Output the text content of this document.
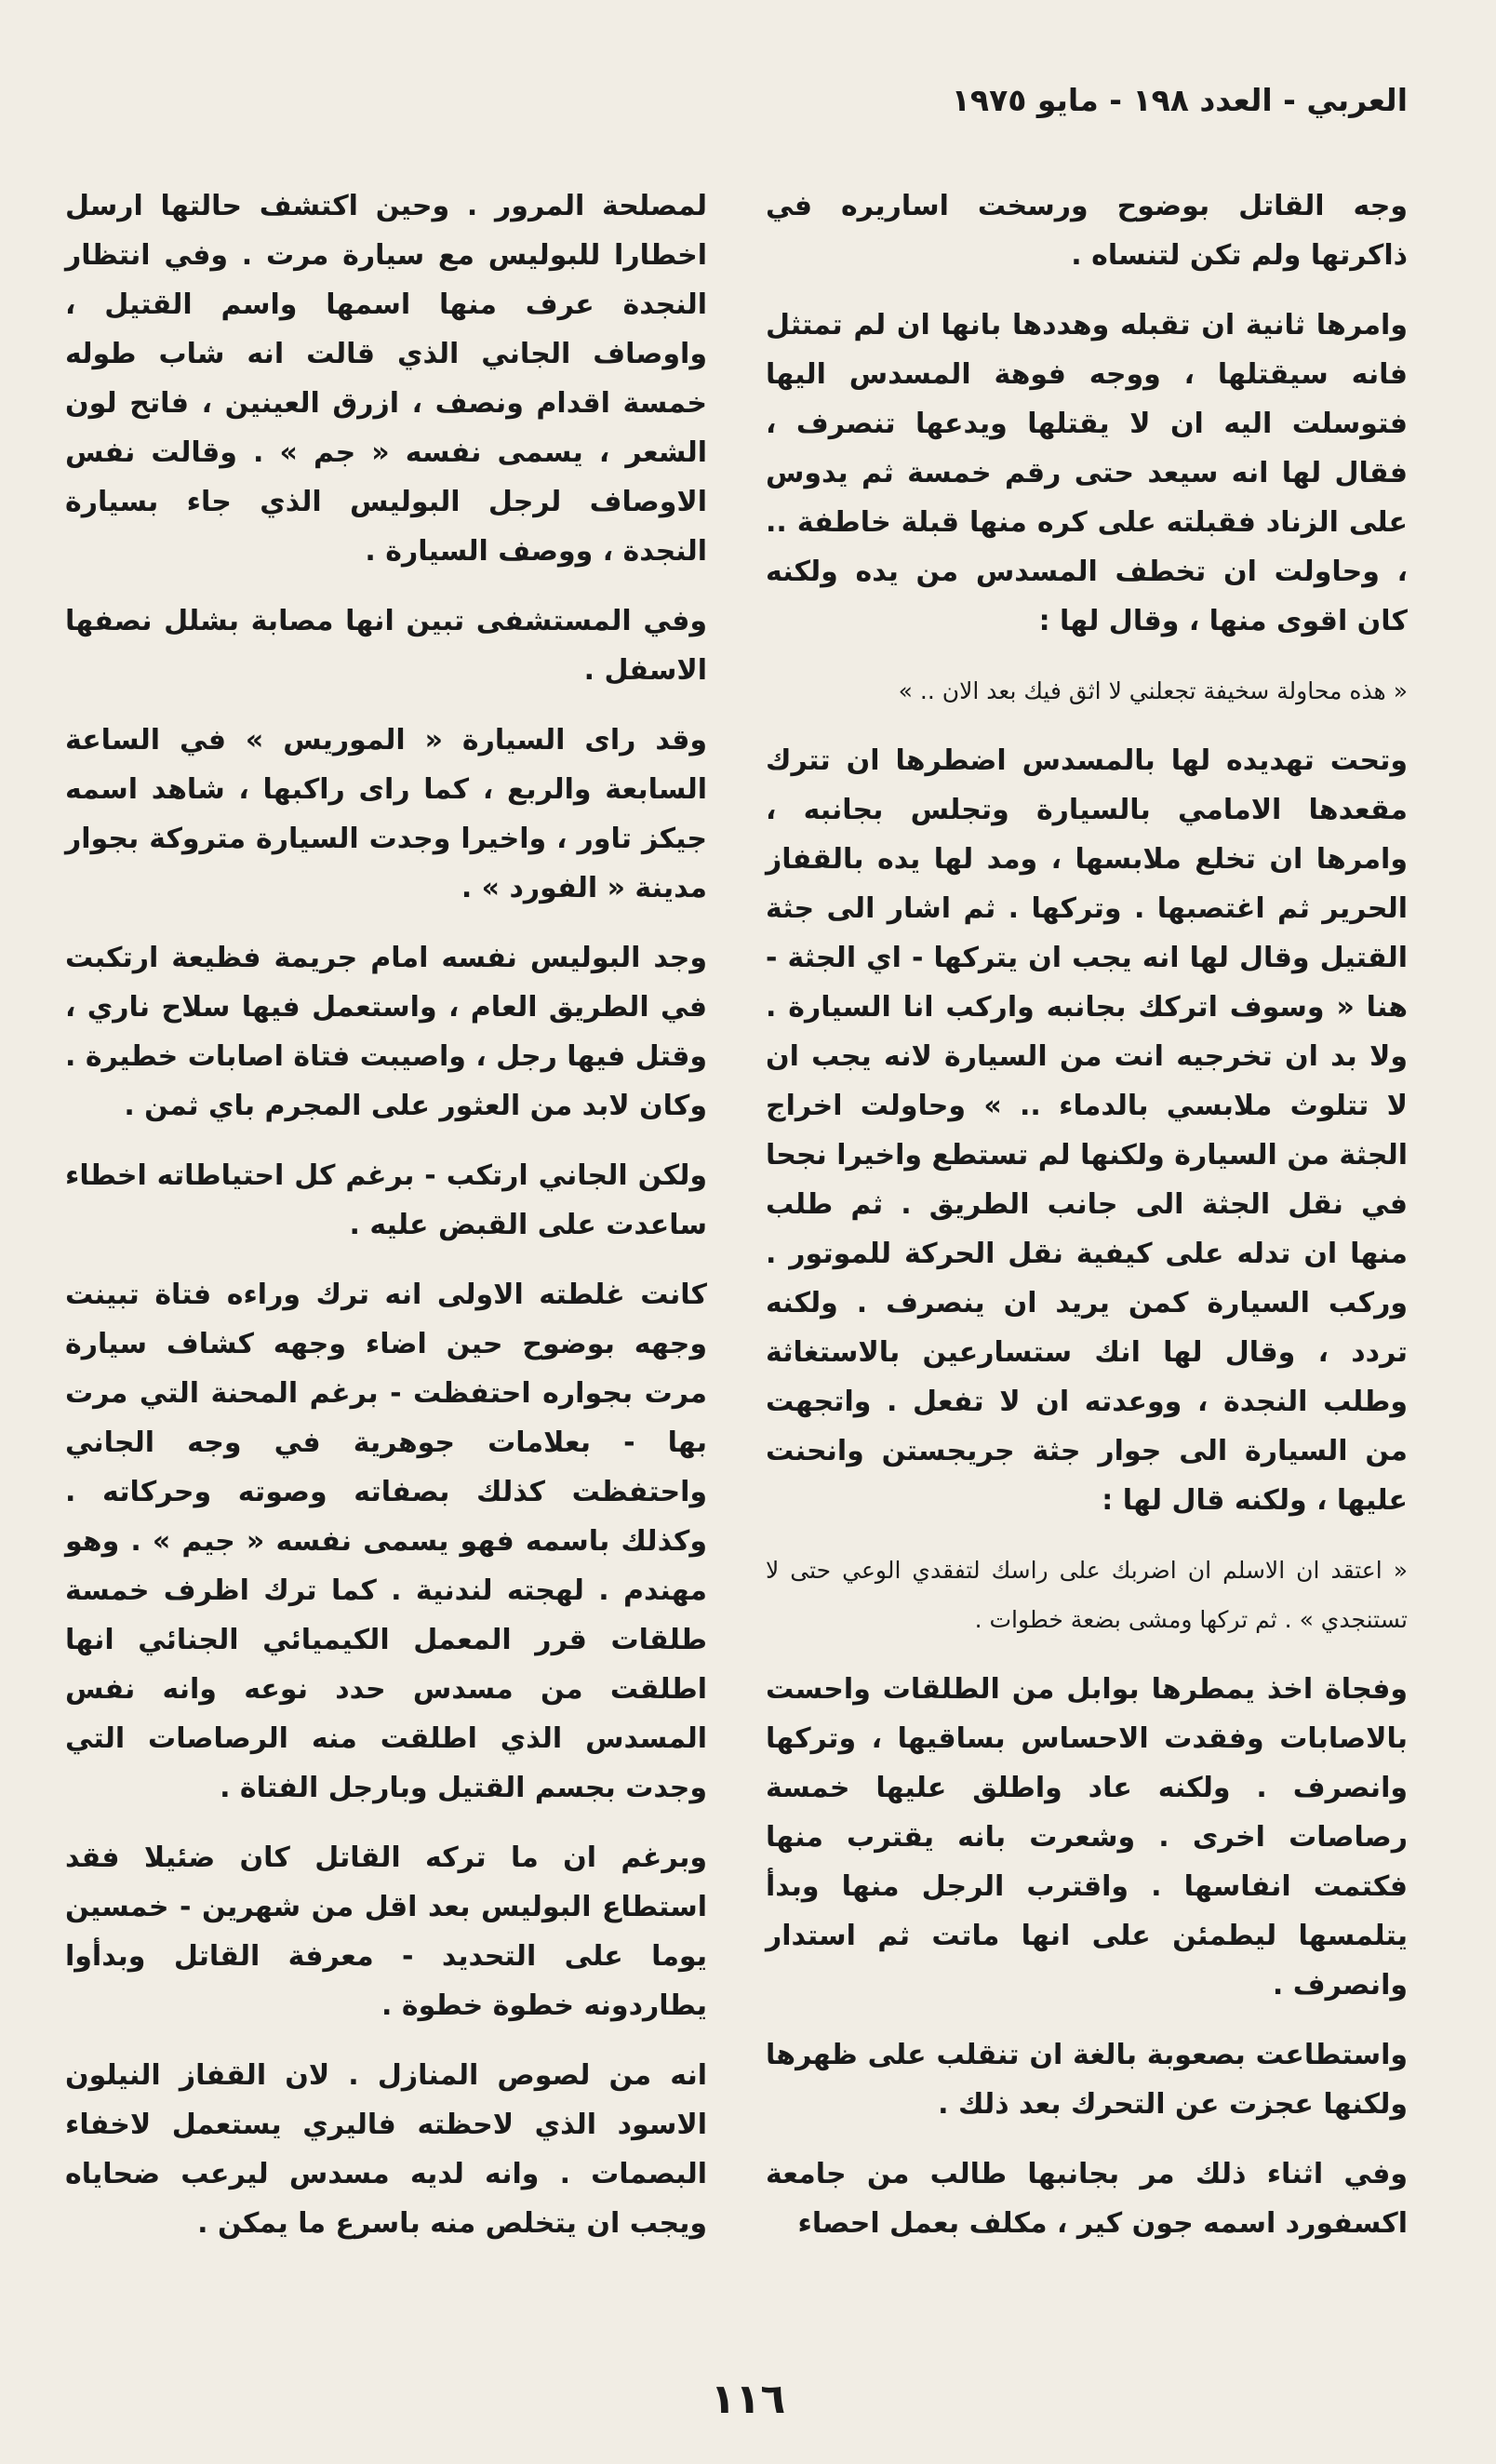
العربي - العدد ١٩٨ - مايو ١٩٧٥

وجه القاتل بوضوح ورسخت اساريره في ذاكرتها ولم تكن لتنساه .

وامرها ثانية ان تقبله وهددها بانها ان لم تمتثل فانه سيقتلها ، ووجه فوهة المسدس اليها فتوسلت اليه ان لا يقتلها ويدعها تنصرف ، فقال لها انه سيعد حتى رقم خمسة ثم يدوس على الزناد فقبلته على كره منها قبلة خاطفة .. ، وحاولت ان تخطف المسدس من يده ولكنه كان اقوى منها ، وقال لها :

« هذه محاولة سخيفة تجعلني لا اثق فيك بعد الان .. »

وتحت تهديده لها بالمسدس اضطرها ان تترك مقعدها الامامي بالسيارة وتجلس بجانبه ، وامرها ان تخلع ملابسها ، ومد لها يده بالقفاز الحرير ثم اغتصبها . وتركها . ثم اشار الى جثة القتيل وقال لها انه يجب ان يتركها - اي الجثة - هنا « وسوف اتركك بجانبه واركب انا السيارة . ولا بد ان تخرجيه انت من السيارة لانه يجب ان لا تتلوث ملابسي بالدماء .. » وحاولت اخراج الجثة من السيارة ولكنها لم تستطع واخيرا نجحا في نقل الجثة الى جانب الطريق . ثم طلب منها ان تدله على كيفية نقل الحركة للموتور . وركب السيارة كمن يريد ان ينصرف . ولكنه تردد ، وقال لها انك ستسارعين بالاستغاثة وطلب النجدة ، ووعدته ان لا تفعل . واتجهت من السيارة الى جوار جثة جريجستن وانحنت عليها ، ولكنه قال لها :

« اعتقد ان الاسلم ان اضربك على راسك لتفقدي الوعي حتى لا تستنجدي » . ثم تركها ومشى بضعة خطوات .

وفجاة اخذ يمطرها بوابل من الطلقات واحست بالاصابات وفقدت الاحساس بساقيها ، وتركها وانصرف . ولكنه عاد واطلق عليها خمسة رصاصات اخرى . وشعرت بانه يقترب منها فكتمت انفاسها . واقترب الرجل منها وبدأ يتلمسها ليطمئن على انها ماتت ثم استدار وانصرف .

واستطاعت بصعوبة بالغة ان تنقلب على ظهرها ولكنها عجزت عن التحرك بعد ذلك .

وفي اثناء ذلك مر بجانبها طالب من جامعة اكسفورد اسمه جون كير ، مكلف بعمل احصاء

لمصلحة المرور . وحين اكتشف حالتها ارسل اخطارا للبوليس مع سيارة مرت . وفي انتظار النجدة عرف منها اسمها واسم القتيل ، واوصاف الجاني الذي قالت انه شاب طوله خمسة اقدام ونصف ، ازرق العينين ، فاتح لون الشعر ، يسمى نفسه « جم » . وقالت نفس الاوصاف لرجل البوليس الذي جاء بسيارة النجدة ، ووصف السيارة .

وفي المستشفى تبين انها مصابة بشلل نصفها الاسفل .

وقد راى السيارة « الموريس » في الساعة السابعة والربع ، كما راى راكبها ، شاهد اسمه جيكز تاور ، واخيرا وجدت السيارة متروكة بجوار مدينة « الفورد » .

وجد البوليس نفسه امام جريمة فظيعة ارتكبت في الطريق العام ، واستعمل فيها سلاح ناري ، وقتل فيها رجل ، واصيبت فتاة اصابات خطيرة . وكان لابد من العثور على المجرم باي ثمن .

ولكن الجاني ارتكب - برغم كل احتياطاته اخطاء ساعدت على القبض عليه .

كانت غلطته الاولى انه ترك وراءه فتاة تبينت وجهه بوضوح حين اضاء وجهه كشاف سيارة مرت بجواره احتفظت - برغم المحنة التي مرت بها - بعلامات جوهرية في وجه الجاني واحتفظت كذلك بصفاته وصوته وحركاته . وكذلك باسمه فهو يسمى نفسه « جيم » . وهو مهندم . لهجته لندنية . كما ترك اظرف خمسة طلقات قرر المعمل الكيميائي الجنائي انها اطلقت من مسدس حدد نوعه وانه نفس المسدس الذي اطلقت منه الرصاصات التي وجدت بجسم القتيل وبارجل الفتاة .

وبرغم ان ما تركه القاتل كان ضئيلا فقد استطاع البوليس بعد اقل من شهرين - خمسين يوما على التحديد - معرفة القاتل وبدأوا يطاردونه خطوة خطوة .

انه من لصوص المنازل . لان القفاز النيلون الاسود الذي لاحظته فاليري يستعمل لاخفاء البصمات . وانه لديه مسدس ليرعب ضحاياه ويجب ان يتخلص منه باسرع ما يمكن .

١١٦
